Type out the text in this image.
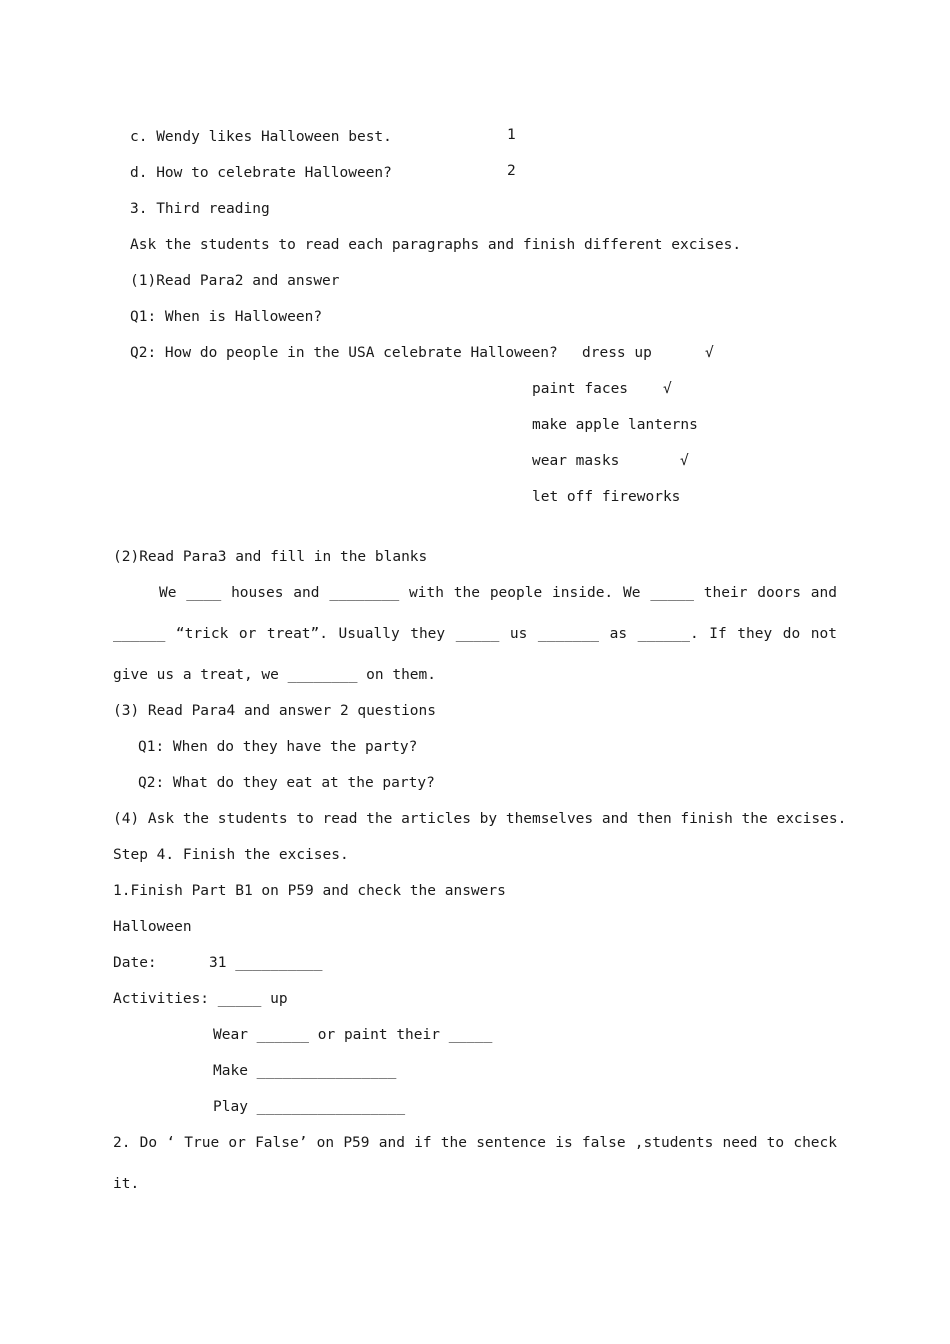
c. Wendy likes Halloween best.	1
d. How to celebrate Halloween?	2
3. Third reading
Ask the students to read each paragraphs and finish different excises.
(1)Read Para2 and answer
Q1: When is Halloween?
Q2: How do people in the USA celebrate Halloween? dress up	√
paint faces √
make apple lanterns
wear masks	√
let off fireworks
(2)Read Para3 and fill in the blanks
We ____ houses and ________ with the people inside. We _____ their doors and
______ “trick or treat”. Usually they _____ us _______ as ______. If they do not
give us a treat, we ________ on them.
(3) Read Para4 and answer 2 questions
Q1: When do they have the party?
Q2: What do they eat at the party?
(4) Ask the students to read the articles by themselves and then finish the excises.
Step 4. Finish the excises.
1.Finish Part B1 on P59 and check the answers
Halloween
Date:      31 __________
Activities: _____ up
Wear ______ or paint their _____
Make ________________
Play _________________
2. Do ‘ True or False’ on P59 and if the sentence is false ,students need to check
it.
